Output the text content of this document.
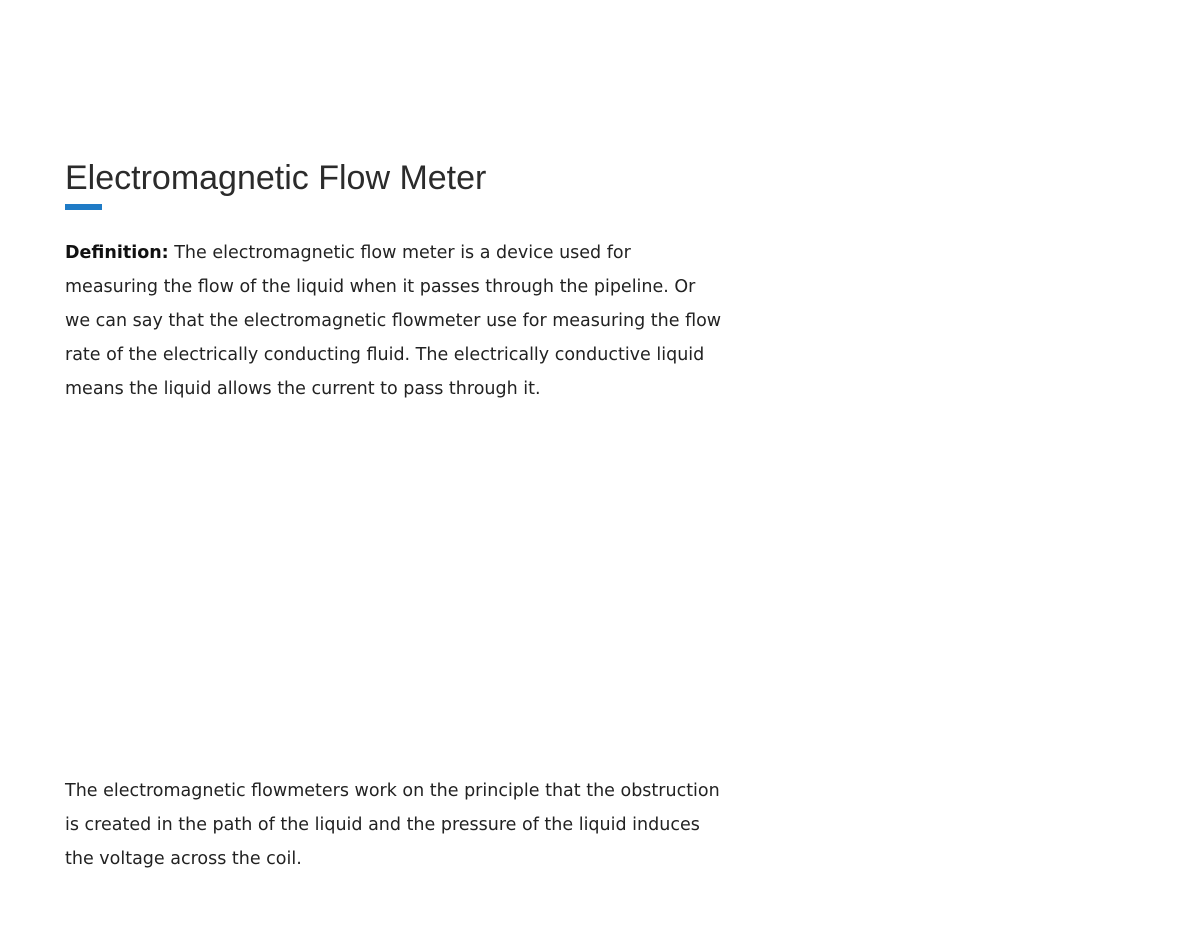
Electromagnetic Flow Meter

Definition: The electromagnetic flow meter is a device used for measuring the flow of the liquid when it passes through the pipeline. Or we can say that the electromagnetic flowmeter use for measuring the flow rate of the electrically conducting fluid. The electrically conductive liquid means the liquid allows the current to pass through it.

The electromagnetic flowmeters work on the principle that the obstruction is created in the path of the liquid and the pressure of the liquid induces the voltage across the coil.
